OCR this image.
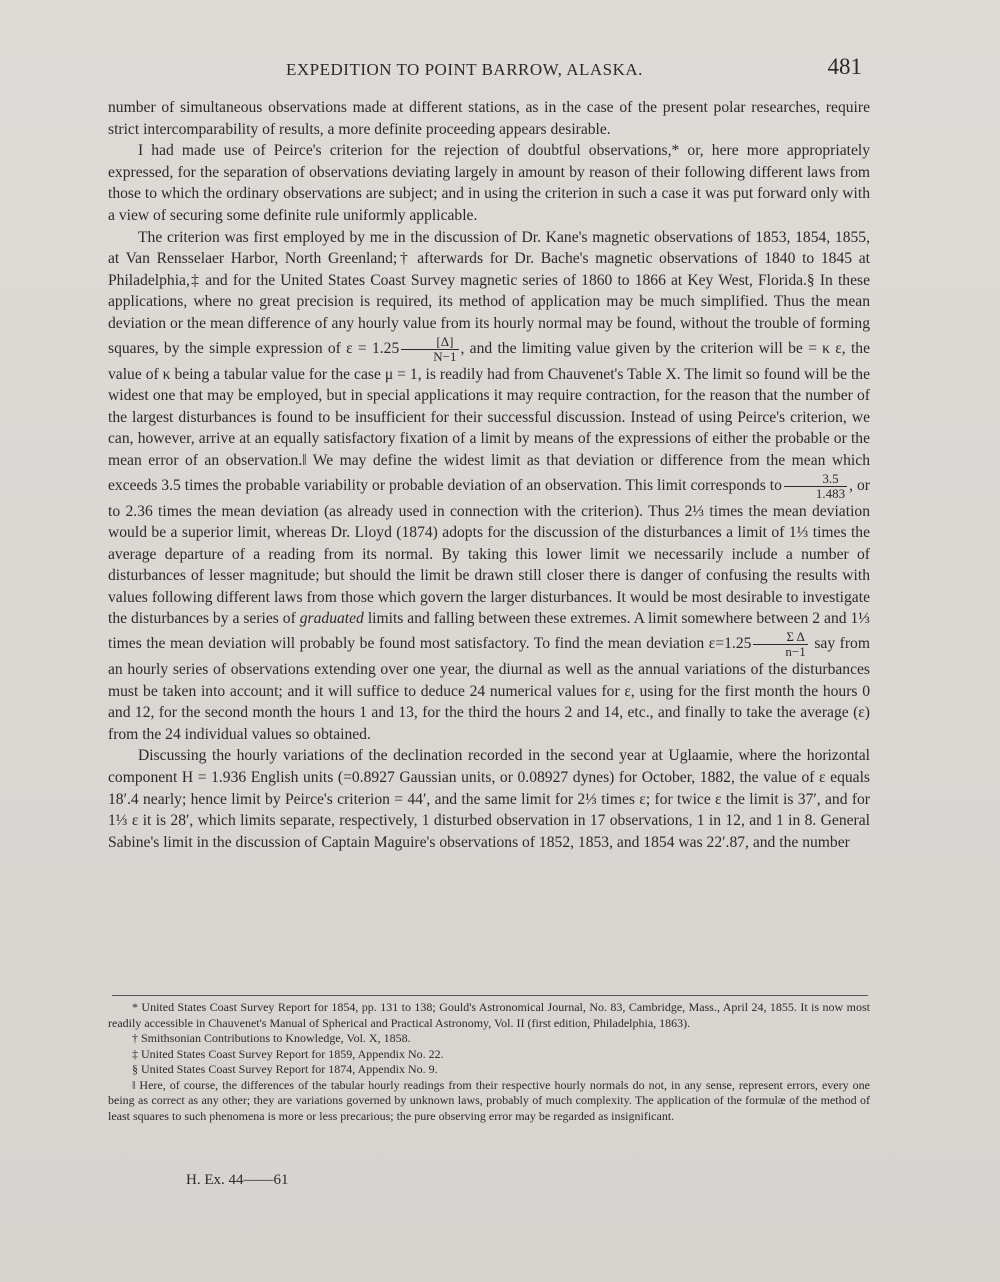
EXPEDITION TO POINT BARROW, ALASKA.	481

number of simultaneous observations made at different stations, as in the case of the present polar researches, require strict intercomparability of results, a more definite proceeding appears desirable.

I had made use of Peirce's criterion for the rejection of doubtful observations,* or, here more appropriately expressed, for the separation of observations deviating largely in amount by reason of their following different laws from those to which the ordinary observations are subject; and in using the criterion in such a case it was put forward only with a view of securing some definite rule uniformly applicable.

The criterion was first employed by me in the discussion of Dr. Kane's magnetic observations of 1853, 1854, 1855, at Van Rensselaer Harbor, North Greenland;† afterwards for Dr. Bache's magnetic observations of 1840 to 1845 at Philadelphia,‡ and for the United States Coast Survey magnetic series of 1860 to 1866 at Key West, Florida.§ In these applications, where no great precision is required, its method of application may be much simplified. Thus the mean deviation or the mean difference of any hourly value from its hourly normal may be found, without the trouble of forming squares, by the simple expression of $\varepsilon = 1.25 \frac{[\Delta]}{N-1}$ , and the limiting value given by the criterion will be = κ ε, the value of κ being a tabular value for the case μ = 1, is readily had from Chauvenet's Table X. The limit so found will be the widest one that may be employed, but in special applications it may require contraction, for the reason that the number of the largest disturbances is found to be insufficient for their successful discussion. Instead of using Peirce's criterion, we can, however, arrive at an equally satisfactory fixation of a limit by means of the expressions of either the probable or the mean error of an observation.‖ We may define the widest limit as that deviation or difference from the mean which exceeds 3.5 times the probable variability or probable deviation of an observation. This limit corresponds to $\frac{3.5}{1.483}$ , or to 2.36 times the mean deviation (as already used in connection with the criterion). Thus 2⅓ times the mean deviation would be a superior limit, whereas Dr. Lloyd (1874) adopts for the discussion of the disturbances a limit of 1⅓ times the average departure of a reading from its normal. By taking this lower limit we necessarily include a number of disturbances of lesser magnitude; but should the limit be drawn still closer there is danger of confusing the results with values following different laws from those which govern the larger disturbances. It would be most desirable to investigate the disturbances by a series of graduated limits and falling between these extremes. A limit somewhere between 2 and 1⅓ times the mean deviation will probably be found most satisfactory. To find the mean deviation $\varepsilon=1.25 \frac{\text{Σ Δ}}{n-1}$ say from an hourly series of observations extending over one year, the diurnal as well as the annual variations of the disturbances must be taken into account; and it will suffice to deduce 24 numerical values for ε, using for the first month the hours 0 and 12, for the second month the hours 1 and 13, for the third the hours 2 and 14, etc., and finally to take the average (ε) from the 24 individual values so obtained.

Discussing the hourly variations of the declination recorded in the second year at Uglaamie, where the horizontal component H = 1.936 English units (=0.8927 Gaussian units, or 0.08927 dynes) for October, 1882, the value of ε equals 18′.4 nearly; hence limit by Peirce's criterion = 44′, and the same limit for 2⅓ times ε; for twice ε the limit is 37′, and for 1⅓ ε it is 28′, which limits separate, respectively, 1 disturbed observation in 17 observations, 1 in 12, and 1 in 8. General Sabine's limit in the discussion of Captain Maguire's observations of 1852, 1853, and 1854 was 22′.87, and the number

* United States Coast Survey Report for 1854, pp. 131 to 138; Gould's Astronomical Journal, No. 83, Cambridge, Mass., April 24, 1855. It is now most readily accessible in Chauvenet's Manual of Spherical and Practical Astronomy, Vol. II (first edition, Philadelphia, 1863).

† Smithsonian Contributions to Knowledge, Vol. X, 1858.

‡ United States Coast Survey Report for 1859, Appendix No. 22.

§ United States Coast Survey Report for 1874, Appendix No. 9.

‖ Here, of course, the differences of the tabular hourly readings from their respective hourly normals do not, in any sense, represent errors, every one being as correct as any other; they are variations governed by unknown laws, probably of much complexity. The application of the formulæ of the method of least squares to such phenomena is more or less precarious; the pure observing error may be regarded as insignificant.

H. Ex. 44——61
